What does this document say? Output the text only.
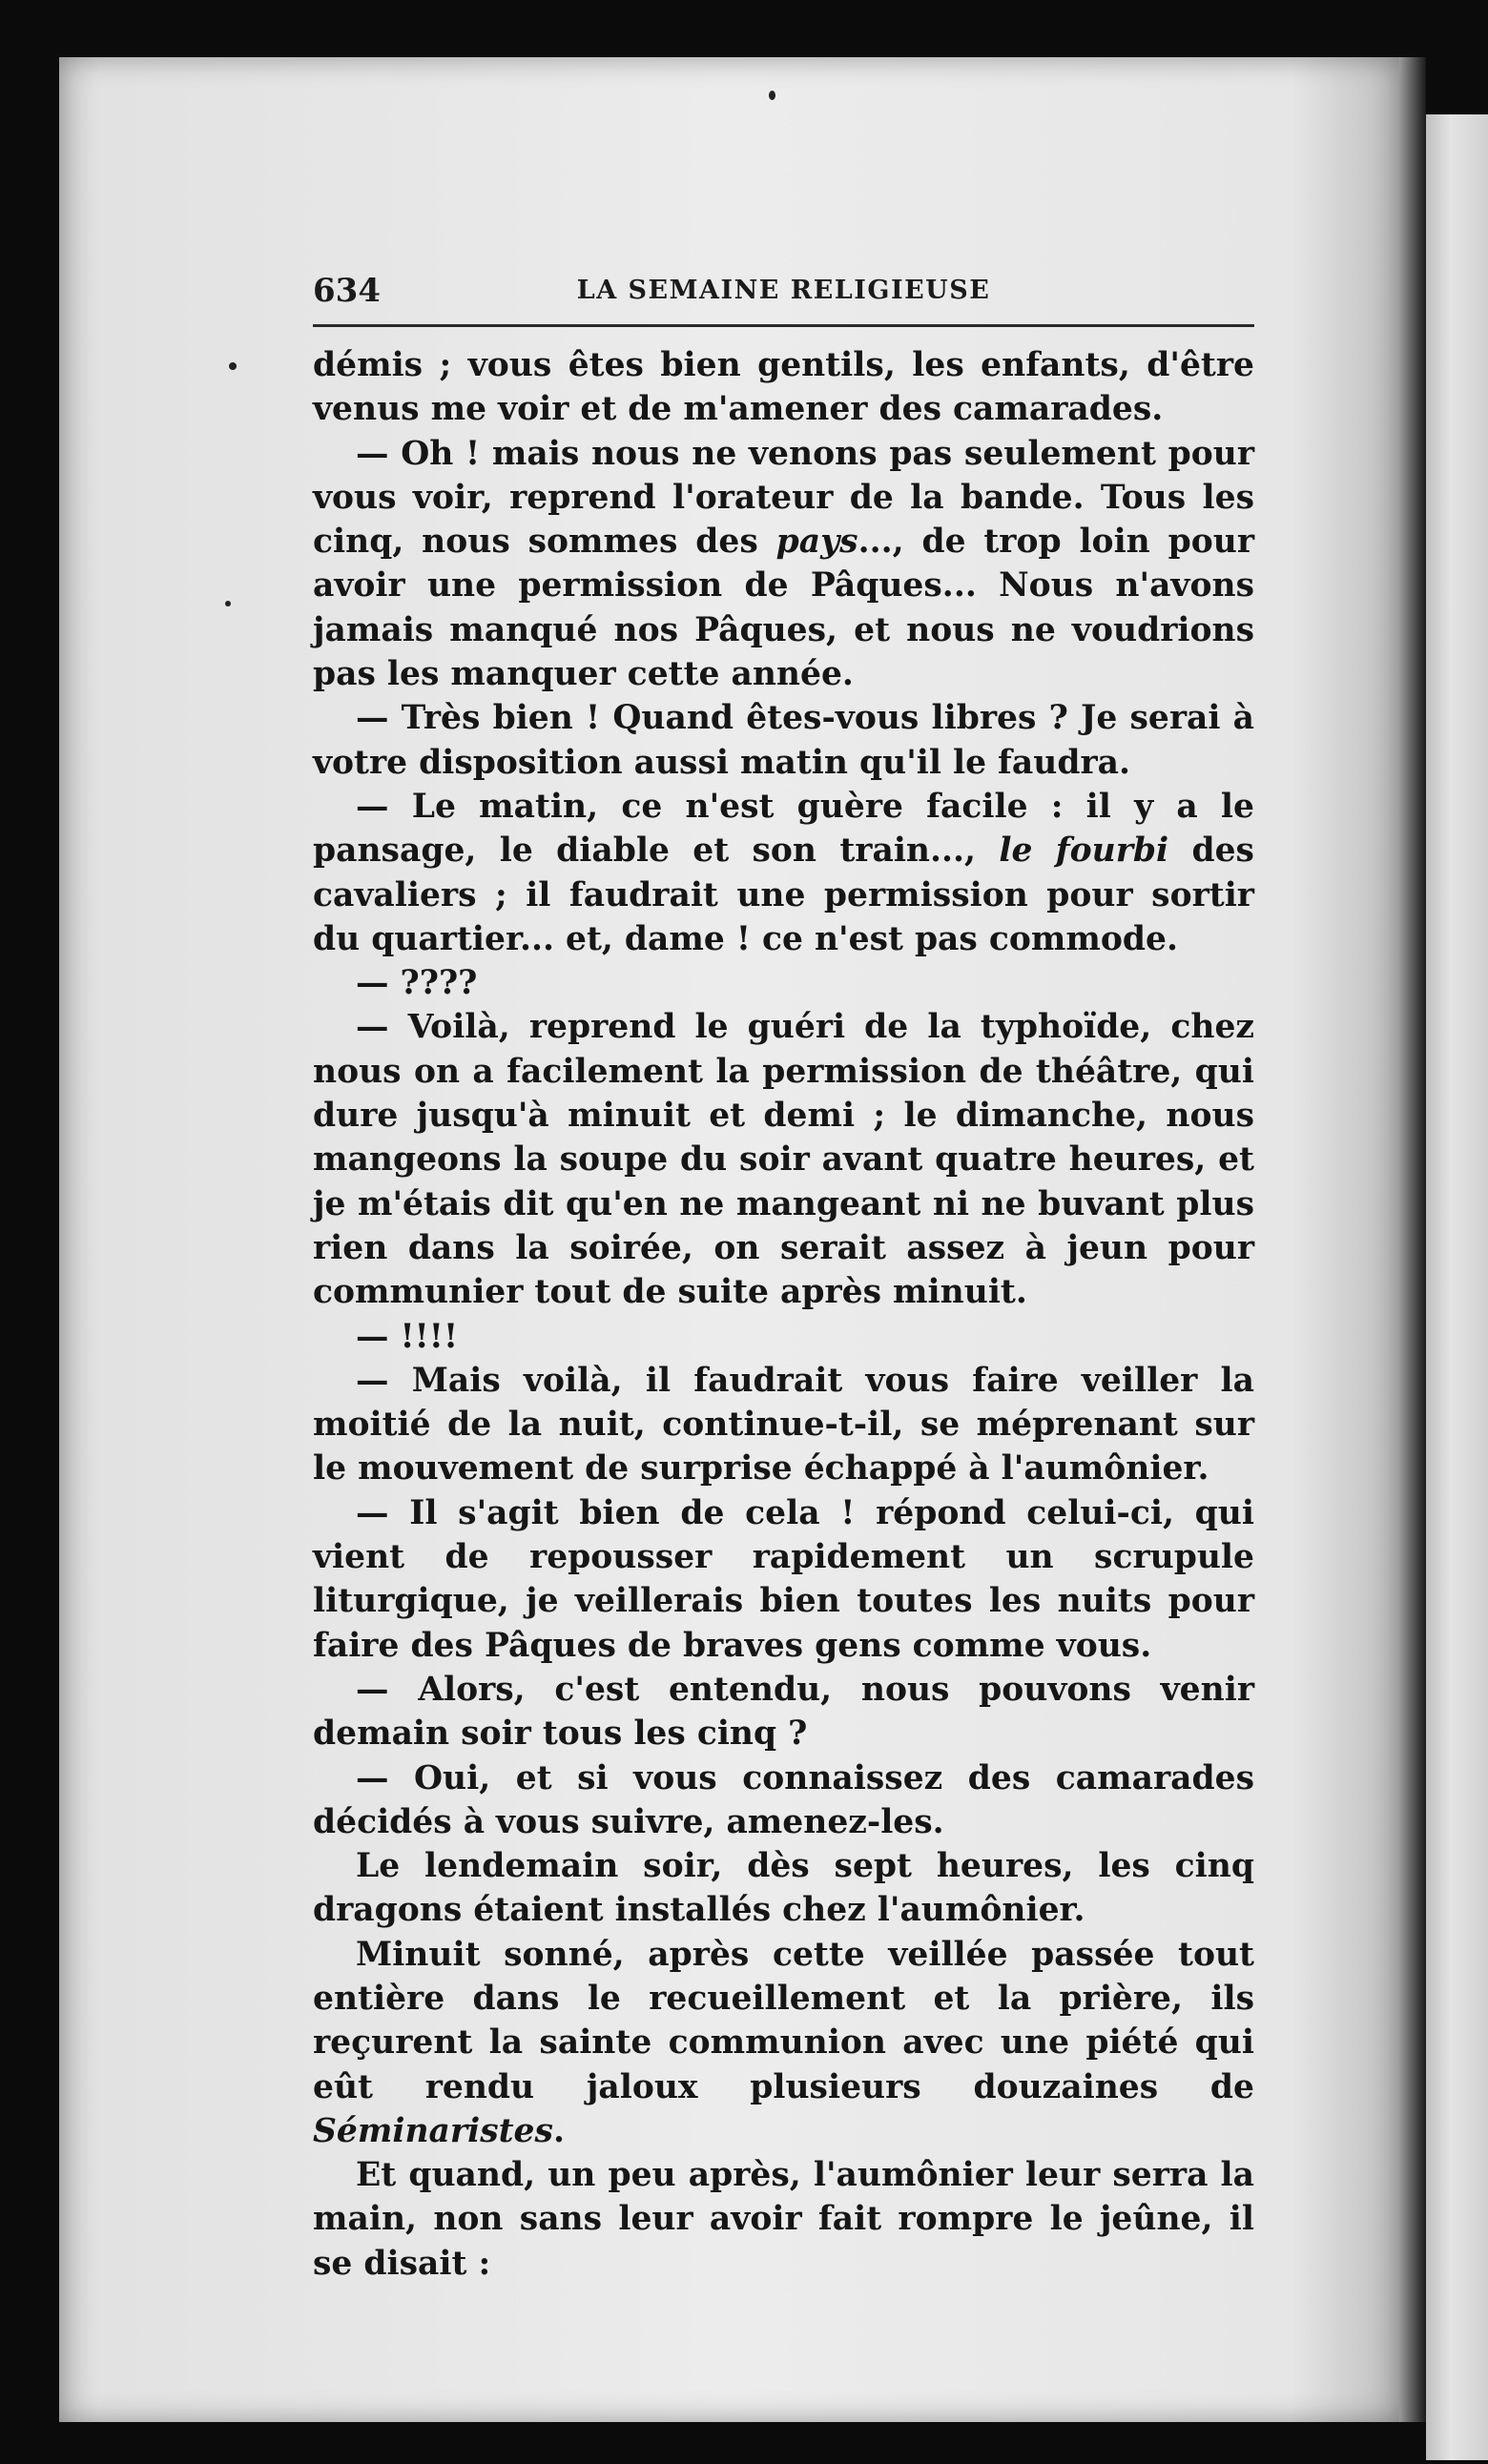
634	LA SEMAINE RELIGIEUSE

démis ; vous êtes bien gentils, les enfants, d'être venus me voir et de m'amener des camarades.

— Oh ! mais nous ne venons pas seulement pour vous voir, reprend l'orateur de la bande. Tous les cinq, nous sommes des pays..., de trop loin pour avoir une permission de Pâques... Nous n'avons jamais manqué nos Pâques, et nous ne voudrions pas les manquer cette année.

— Très bien ! Quand êtes-vous libres ? Je serai à votre disposition aussi matin qu'il le faudra.

— Le matin, ce n'est guère facile : il y a le pansage, le diable et son train..., le fourbi des cavaliers ; il faudrait une permission pour sortir du quartier... et, dame ! ce n'est pas commode.

— ????

— Voilà, reprend le guéri de la typhoïde, chez nous on a facilement la permission de théâtre, qui dure jusqu'à minuit et demi ; le dimanche, nous mangeons la soupe du soir avant quatre heures, et je m'étais dit qu'en ne mangeant ni ne buvant plus rien dans la soirée, on serait assez à jeun pour communier tout de suite après minuit.

— !!!!

— Mais voilà, il faudrait vous faire veiller la moitié de la nuit, continue-t-il, se méprenant sur le mouvement de surprise échappé à l'aumônier.

— Il s'agit bien de cela ! répond celui-ci, qui vient de repousser rapidement un scrupule liturgique, je veillerais bien toutes les nuits pour faire des Pâques de braves gens comme vous.

— Alors, c'est entendu, nous pouvons venir demain soir tous les cinq ?

— Oui, et si vous connaissez des camarades décidés à vous suivre, amenez-les.

Le lendemain soir, dès sept heures, les cinq dragons étaient installés chez l'aumônier.

Minuit sonné, après cette veillée passée tout entière dans le recueillement et la prière, ils reçurent la sainte communion avec une piété qui eût rendu jaloux plusieurs douzaines de Séminaristes.

Et quand, un peu après, l'aumônier leur serra la main, non sans leur avoir fait rompre le jeûne, il se disait :
